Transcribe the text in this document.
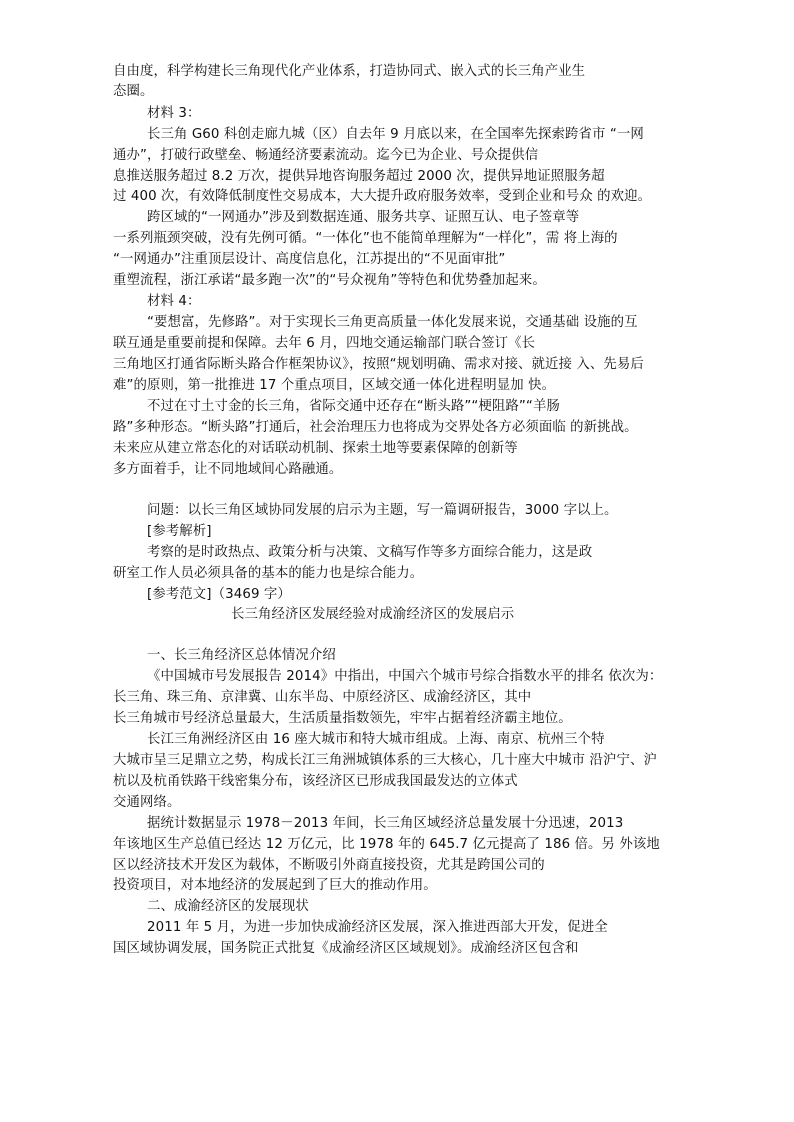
自由度，科学构建长三角现代化产业体系，打造协同式、嵌入式的长三角产业生
态圈。
材料 3：
长三角 G60 科创走廊九城（区）自去年 9 月底以来，在全国率先探索跨省市 “一网
通办”，打破行政壁垒、畅通经济要素流动。迄今已为企业、号众提供信
息推送服务超过 8.2 万次，提供异地咨询服务超过 2000 次，提供异地证照服务超
过 400 次，有效降低制度性交易成本，大大提升政府服务效率，受到企业和号众 的欢迎。
跨区域的“一网通办”涉及到数据连通、服务共享、证照互认、电子签章等
一系列瓶颈突破，没有先例可循。“一体化”也不能简单理解为“一样化”，需 将上海的
“一网通办”注重顶层设计、高度信息化，江苏提出的“不见面审批”
重塑流程，浙江承诺“最多跑一次”的“号众视角”等特色和优势叠加起来。
材料 4：
“要想富，先修路”。对于实现长三角更高质量一体化发展来说，交通基础 设施的互
联互通是重要前提和保障。去年 6 月，四地交通运输部门联合签订《长
三角地区打通省际断头路合作框架协议》，按照“规划明确、需求对接、就近接 入、先易后
难”的原则，第一批推进 17 个重点项目，区域交通一体化进程明显加 快。
不过在寸土寸金的长三角，省际交通中还存在“断头路”“梗阻路”“羊肠
路”多种形态。“断头路”打通后，社会治理压力也将成为交界处各方必须面临 的新挑战。
未来应从建立常态化的对话联动机制、探索土地等要素保障的创新等
多方面着手，让不同地域间心路融通。
问题：以长三角区域协同发展的启示为主题，写一篇调研报告，3000 字以上。
[参考解析]
考察的是时政热点、政策分析与决策、文稿写作等多方面综合能力，这是政
研室工作人员必须具备的基本的能力也是综合能力。
[参考范文]（3469 字）
长三角经济区发展经验对成渝经济区的发展启示
一、长三角经济区总体情况介绍
《中国城市号发展报告 2014》中指出，中国六个城市号综合指数水平的排名 依次为：
长三角、珠三角、京津冀、山东半岛、中原经济区、成渝经济区，其中
长三角城市号经济总量最大，生活质量指数领先，牢牢占据着经济霸主地位。
长江三角洲经济区由 16 座大城市和特大城市组成。上海、南京、杭州三个特
大城市呈三足鼎立之势，构成长江三角洲城镇体系的三大核心，几十座大中城市 沿沪宁、沪
杭以及杭甬铁路干线密集分布，该经济区已形成我国最发达的立体式
交通网络。
据统计数据显示 1978－2013 年间，长三角区域经济总量发展十分迅速，2013
年该地区生产总值已经达 12 万亿元，比 1978 年的 645.7 亿元提高了 186 倍。另 外该地
区以经济技术开发区为载体，不断吸引外商直接投资，尤其是跨国公司的
投资项目，对本地经济的发展起到了巨大的推动作用。
二、成渝经济区的发展现状
2011 年 5 月，为进一步加快成渝经济区发展，深入推进西部大开发，促进全
国区域协调发展，国务院正式批复《成渝经济区区域规划》。成渝经济区包含和
